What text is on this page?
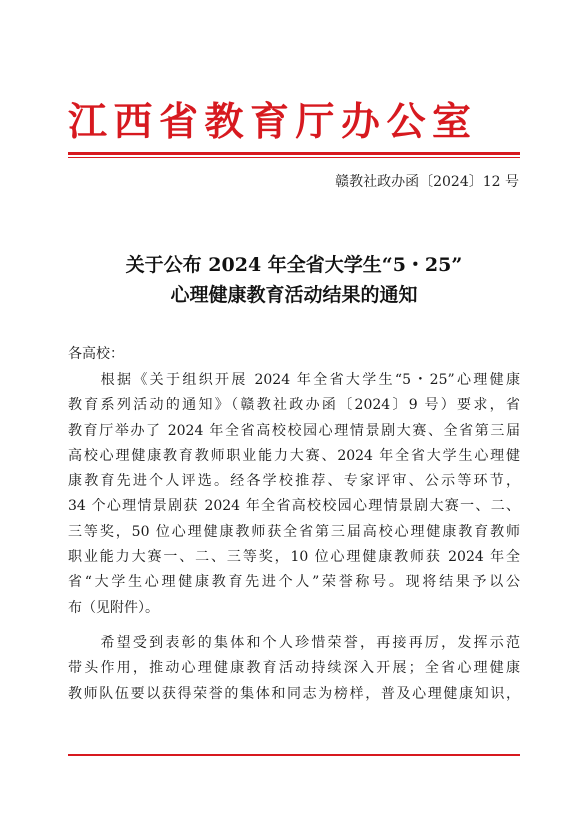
江西省教育厅办公室
赣教社政办函〔2024〕12 号
关于公布 2024 年全省大学生“5・25”
心理健康教育活动结果的通知
各高校：
　　根据《关于组织开展 2024 年全省大学生“5・25”心理健康
教育系列活动的通知》（赣教社政办函〔2024〕9 号）要求，省
教育厅举办了 2024 年全省高校校园心理情景剧大赛、全省第三届
高校心理健康教育教师职业能力大赛、2024 年全省大学生心理健
康教育先进个人评选。经各学校推荐、专家评审、公示等环节，
34 个心理情景剧获 2024 年全省高校校园心理情景剧大赛一、二、
三等奖，50 位心理健康教师获全省第三届高校心理健康教育教师
职业能力大赛一、二、三等奖，10 位心理健康教师获 2024 年全
省“大学生心理健康教育先进个人”荣誉称号。现将结果予以公
布（见附件）。
　　希望受到表彰的集体和个人珍惜荣誉，再接再厉，发挥示范
带头作用，推动心理健康教育活动持续深入开展；全省心理健康
教师队伍要以获得荣誉的集体和同志为榜样，普及心理健康知识，
